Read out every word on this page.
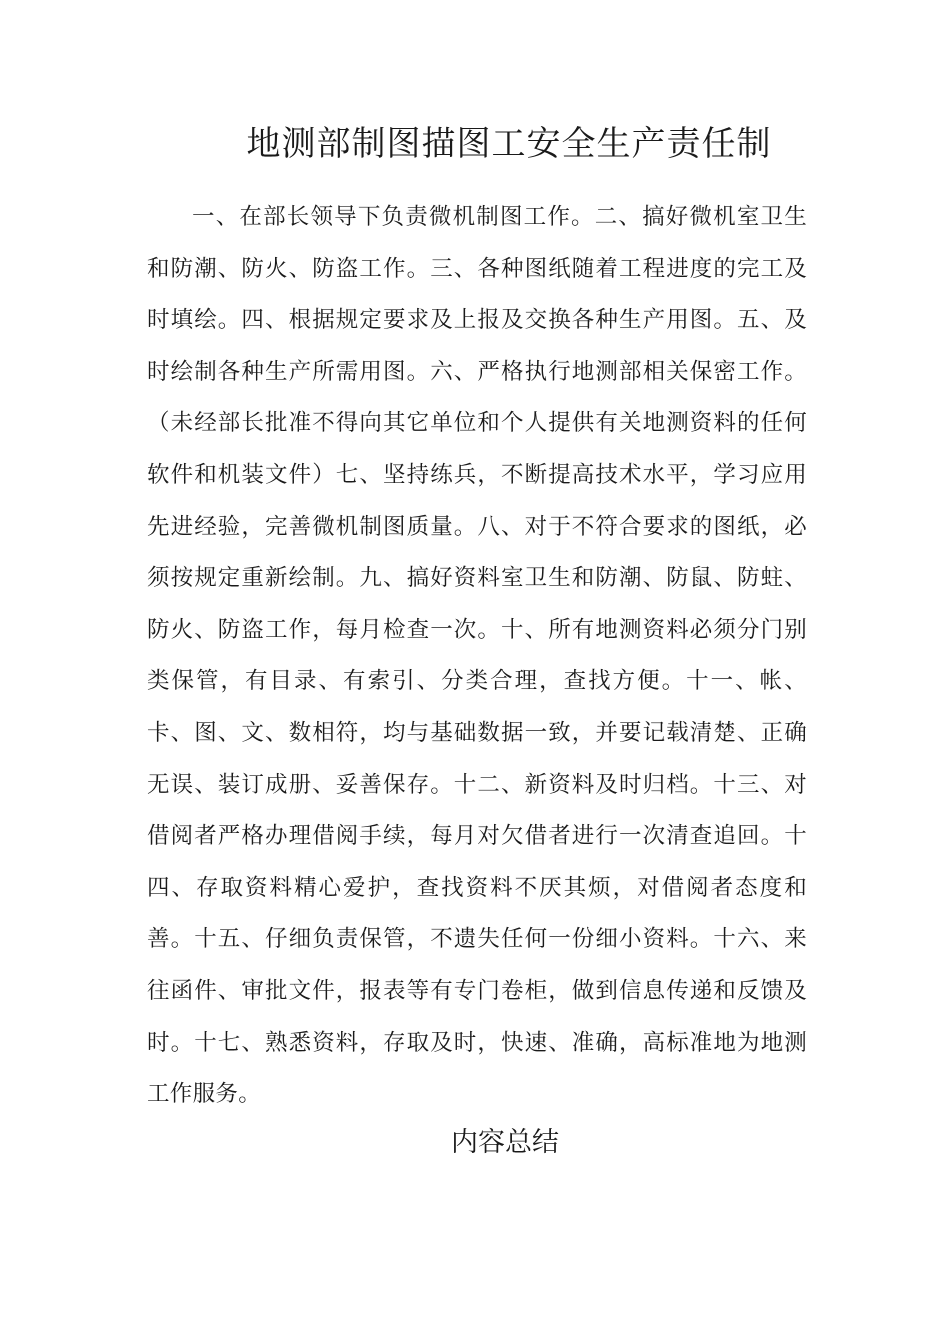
地测部制图描图工安全生产责任制

一、在部长领导下负责微机制图工作。二、搞好微机室卫生和防潮、防火、防盗工作。三、各种图纸随着工程进度的完工及时填绘。四、根据规定要求及上报及交换各种生产用图。五、及时绘制各种生产所需用图。六、严格执行地测部相关保密工作。（未经部长批准不得向其它单位和个人提供有关地测资料的任何软件和机装文件）七、坚持练兵，不断提高技术水平，学习应用先进经验，完善微机制图质量。八、对于不符合要求的图纸，必须按规定重新绘制。九、搞好资料室卫生和防潮、防鼠、防蛀、防火、防盗工作，每月检查一次。十、所有地测资料必须分门别类保管，有目录、有索引、分类合理，查找方便。十一、帐、卡、图、文、数相符，均与基础数据一致，并要记载清楚、正确无误、装订成册、妥善保存。十二、新资料及时归档。十三、对借阅者严格办理借阅手续，每月对欠借者进行一次清查追回。十四、存取资料精心爱护，查找资料不厌其烦，对借阅者态度和善。十五、仔细负责保管，不遗失任何一份细小资料。十六、来往函件、审批文件，报表等有专门卷柜，做到信息传递和反馈及时。十七、熟悉资料，存取及时，快速、准确，高标准地为地测工作服务。

内容总结
